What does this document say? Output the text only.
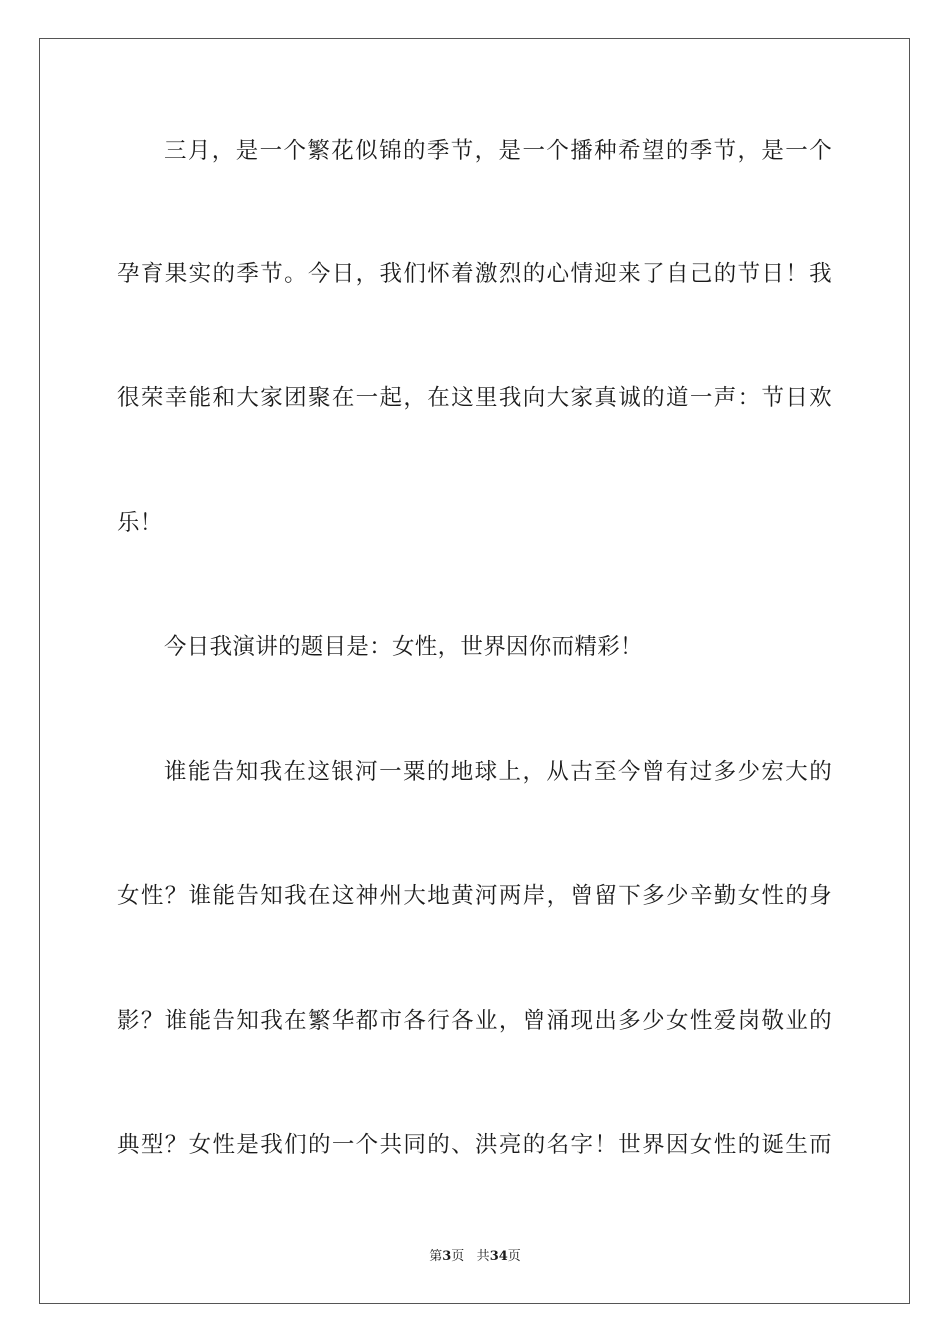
三月，是一个繁花似锦的季节，是一个播种希望的季节，是一个
孕育果实的季节。今日，我们怀着激烈的心情迎来了自己的节日！我
很荣幸能和大家团聚在一起，在这里我向大家真诚的道一声：节日欢
乐！
今日我演讲的题目是：女性，世界因你而精彩！
谁能告知我在这银河一粟的地球上，从古至今曾有过多少宏大的
女性？谁能告知我在这神州大地黄河两岸，曾留下多少辛勤女性的身
影？谁能告知我在繁华都市各行各业，曾涌现出多少女性爱岗敬业的
典型？女性是我们的一个共同的、洪亮的名字！世界因女性的诞生而
第3页 共34页
